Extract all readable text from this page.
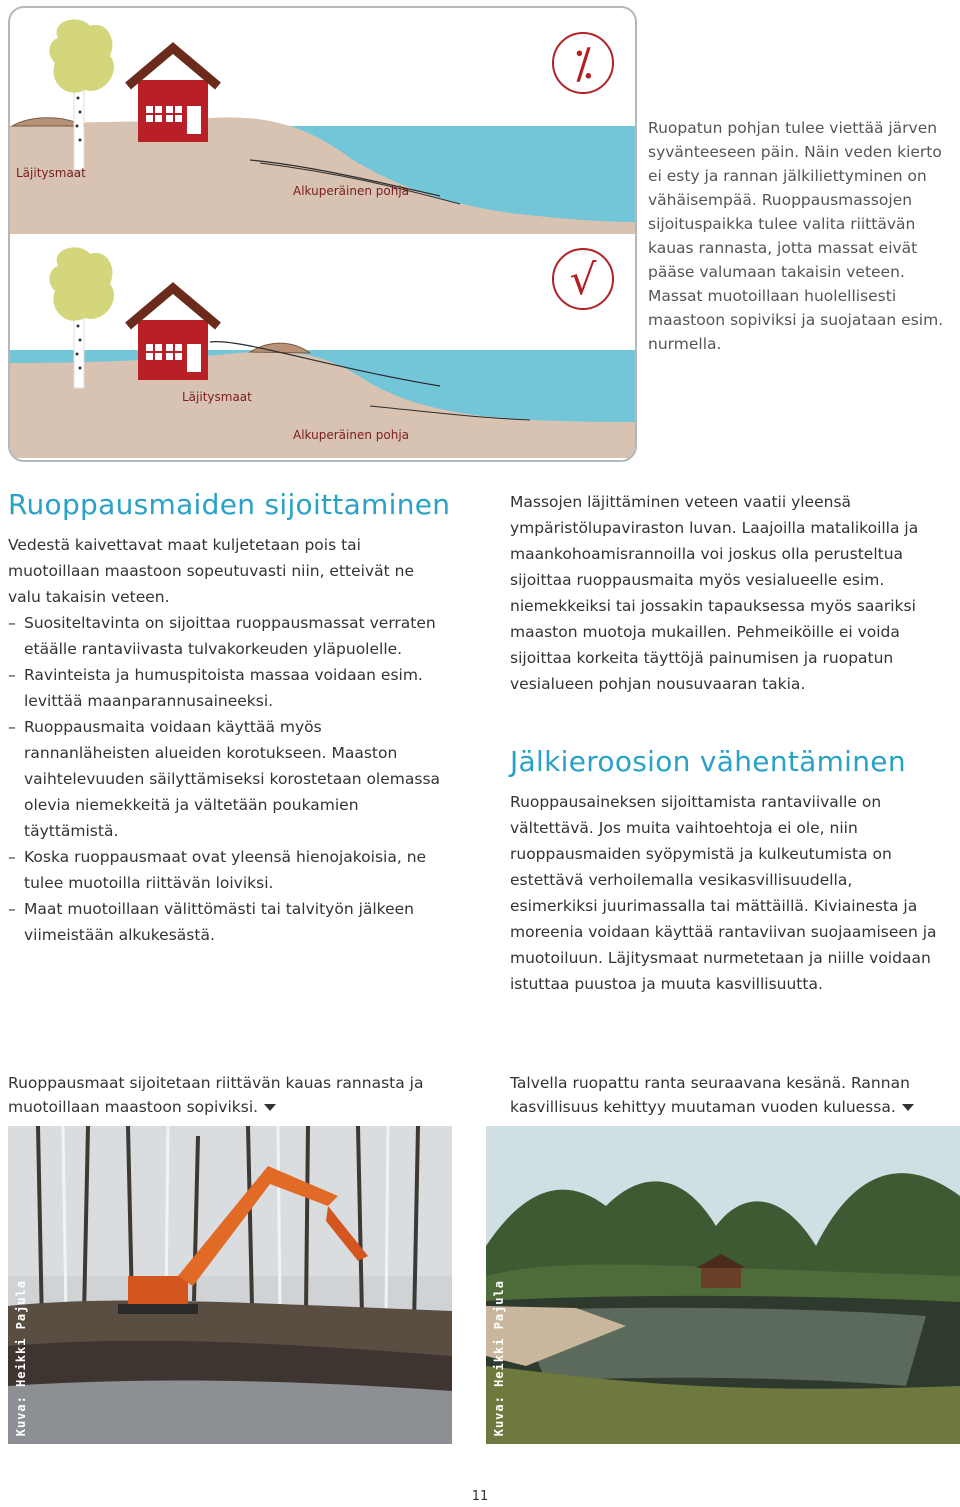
⁒
√
Läjitysmaat
Alkuperäinen pohja
Läjitysmaat
Alkuperäinen pohja
Ruopatun pohjan tulee viettää järven syvänteeseen päin. Näin veden kierto ei esty ja rannan jälkiliettyminen on vähäisempää. Ruoppausmassojen sijoituspaikka tulee valita riittävän kauas rannasta, jotta massat eivät pääse valumaan takaisin veteen. Massat muotoillaan huolellisesti maastoon sopiviksi ja suojataan esim. nurmella.
Ruoppausmaiden sijoittaminen

Vedestä kaivettavat maat kuljetetaan pois tai muotoillaan maastoon sopeutuvasti niin, etteivät ne valu takaisin veteen.

– Suositeltavinta on sijoittaa ruoppausmassat verraten etäälle rantaviivasta tulvakorkeuden yläpuolelle.
– Ravinteista ja humuspitoista massaa voidaan esim. levittää maanparannusaineeksi.
– Ruoppausmaita voidaan käyttää myös rannanläheisten alueiden korotukseen. Maaston vaihtelevuuden säilyttämiseksi korostetaan olemassa olevia niemekkeitä ja vältetään poukamien täyttämistä.
– Koska ruoppausmaat ovat yleensä hienojakoisia, ne tulee muotoilla riittävän loiviksi.
– Maat muotoillaan välittömästi tai talvityön jälkeen viimeistään alkukesästä.
Massojen läjittäminen veteen vaatii yleensä ympäristölupaviraston luvan. Laajoilla matalikoilla ja maankohoamisrannoilla voi joskus olla perusteltua sijoittaa ruoppausmaita myös vesialueelle esim. niemekkeiksi tai jossakin tapauksessa myös saariksi maaston muotoja mukaillen. Pehmeiköille ei voida sijoittaa korkeita täyttöjä painumisen ja ruopatun vesialueen pohjan nousuvaaran takia.
Jälkieroosion vähentäminen
Ruoppausaineksen sijoittamista rantaviivalle on vältettävä. Jos muita vaihtoehtoja ei ole, niin ruoppausmaiden syöpymistä ja kulkeutumista on estettävä verhoilemalla vesikasvillisuudella, esimerkiksi juurimassalla tai mättäillä. Kiviainesta ja moreenia voidaan käyttää rantaviivan suojaamiseen ja muotoiluun. Läjitysmaat nurmetetaan ja niille voidaan istuttaa puustoa ja muuta kasvillisuutta.
Ruoppausmaat sijoitetaan riittävän kauas rannasta ja muotoillaan maastoon sopiviksi.
Talvella ruopattu ranta seuraavana kesänä. Rannan kasvillisuus kehittyy muutaman vuoden kuluessa.
Kuva: Heikki Pajula	Kuva: Heikki Pajula
11
